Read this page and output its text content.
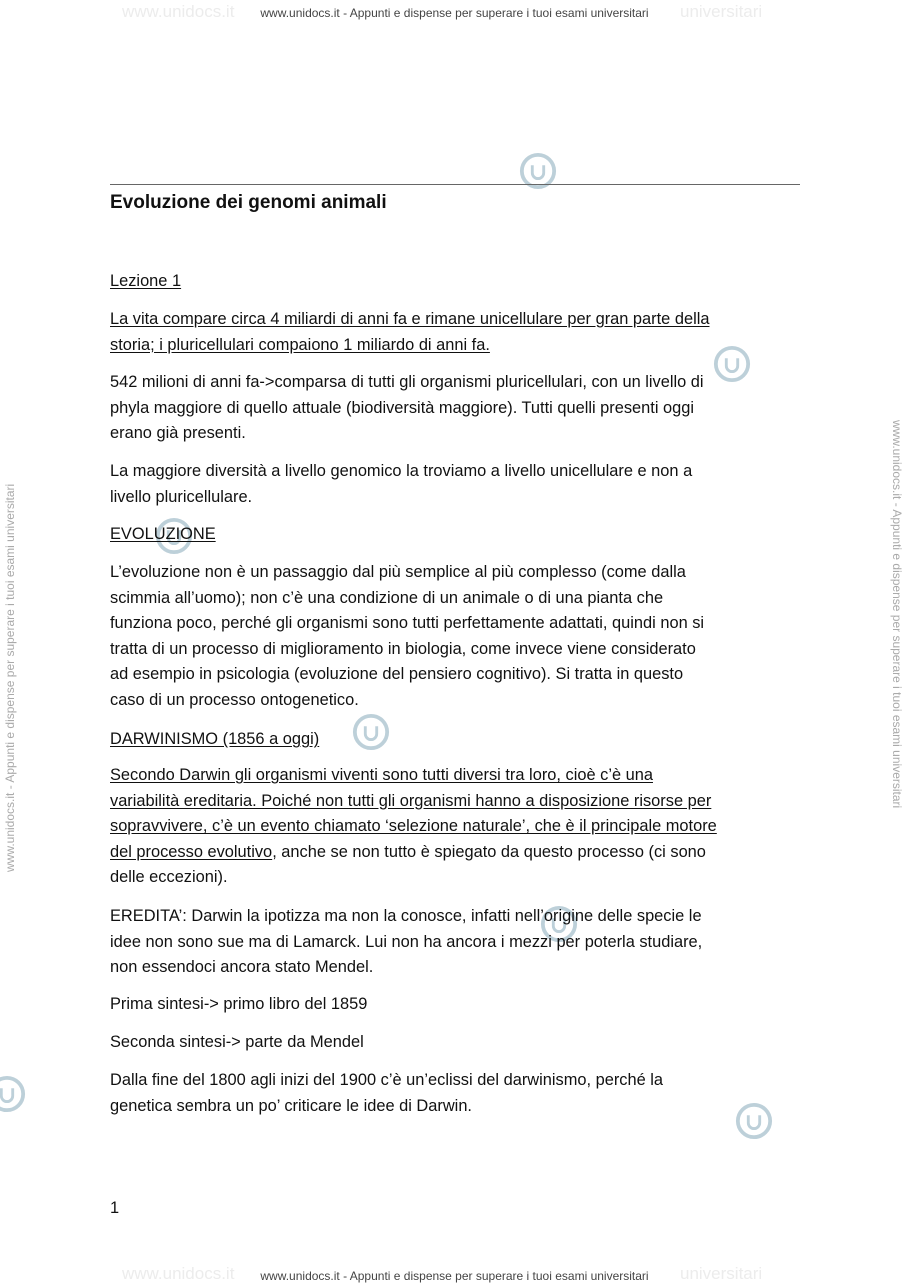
www.unidocs.it	universitari
www.unidocs.it - Appunti e dispense per superare i tuoi esami universitari
www.unidocs.it	universitari
www.unidocs.it - Appunti e dispense per superare i tuoi esami universitari
www.unidocs.it - Appunti e dispense per superare i tuoi esami universitari	www.unidocs.it - Appunti e dispense per superare i tuoi esami universitari
Evoluzione dei genomi animali
Lezione 1
La vita compare circa 4 miliardi di anni fa e rimane unicellulare per gran parte della
storia; i pluricellulari compaiono 1 miliardo di anni fa.
542 milioni di anni fa->comparsa di tutti gli organismi pluricellulari, con un livello di
phyla maggiore di quello attuale (biodiversità maggiore). Tutti quelli presenti oggi
erano già presenti.
La maggiore diversità a livello genomico la troviamo a livello unicellulare e non a
livello pluricellulare.
EVOLUZIONE
L’evoluzione non è un passaggio dal più semplice al più complesso (come dalla
scimmia all’uomo); non c’è una condizione di un animale o di una pianta che
funziona poco, perché gli organismi sono tutti perfettamente adattati, quindi non si
tratta di un processo di miglioramento in biologia, come invece viene considerato
ad esempio in psicologia (evoluzione del pensiero cognitivo). Si tratta in questo
caso di un processo ontogenetico.
DARWINISMO (1856 a oggi)
Secondo Darwin gli organismi viventi sono tutti diversi tra loro, cioè c’è una
variabilità ereditaria. Poiché non tutti gli organismi hanno a disposizione risorse per
sopravvivere, c’è un evento chiamato ‘selezione naturale’, che è il principale motore
del processo evolutivo, anche se non tutto è spiegato da questo processo (ci sono
delle eccezioni).
EREDITA’: Darwin la ipotizza ma non la conosce, infatti nell’origine delle specie le
idee non sono sue ma di Lamarck. Lui non ha ancora i mezzi per poterla studiare,
non essendoci ancora stato Mendel.
Prima sintesi-> primo libro del 1859
Seconda sintesi-> parte da Mendel
Dalla fine del 1800 agli inizi del 1900 c’è un’eclissi del darwinismo, perché la
genetica sembra un po’ criticare le idee di Darwin.
1
